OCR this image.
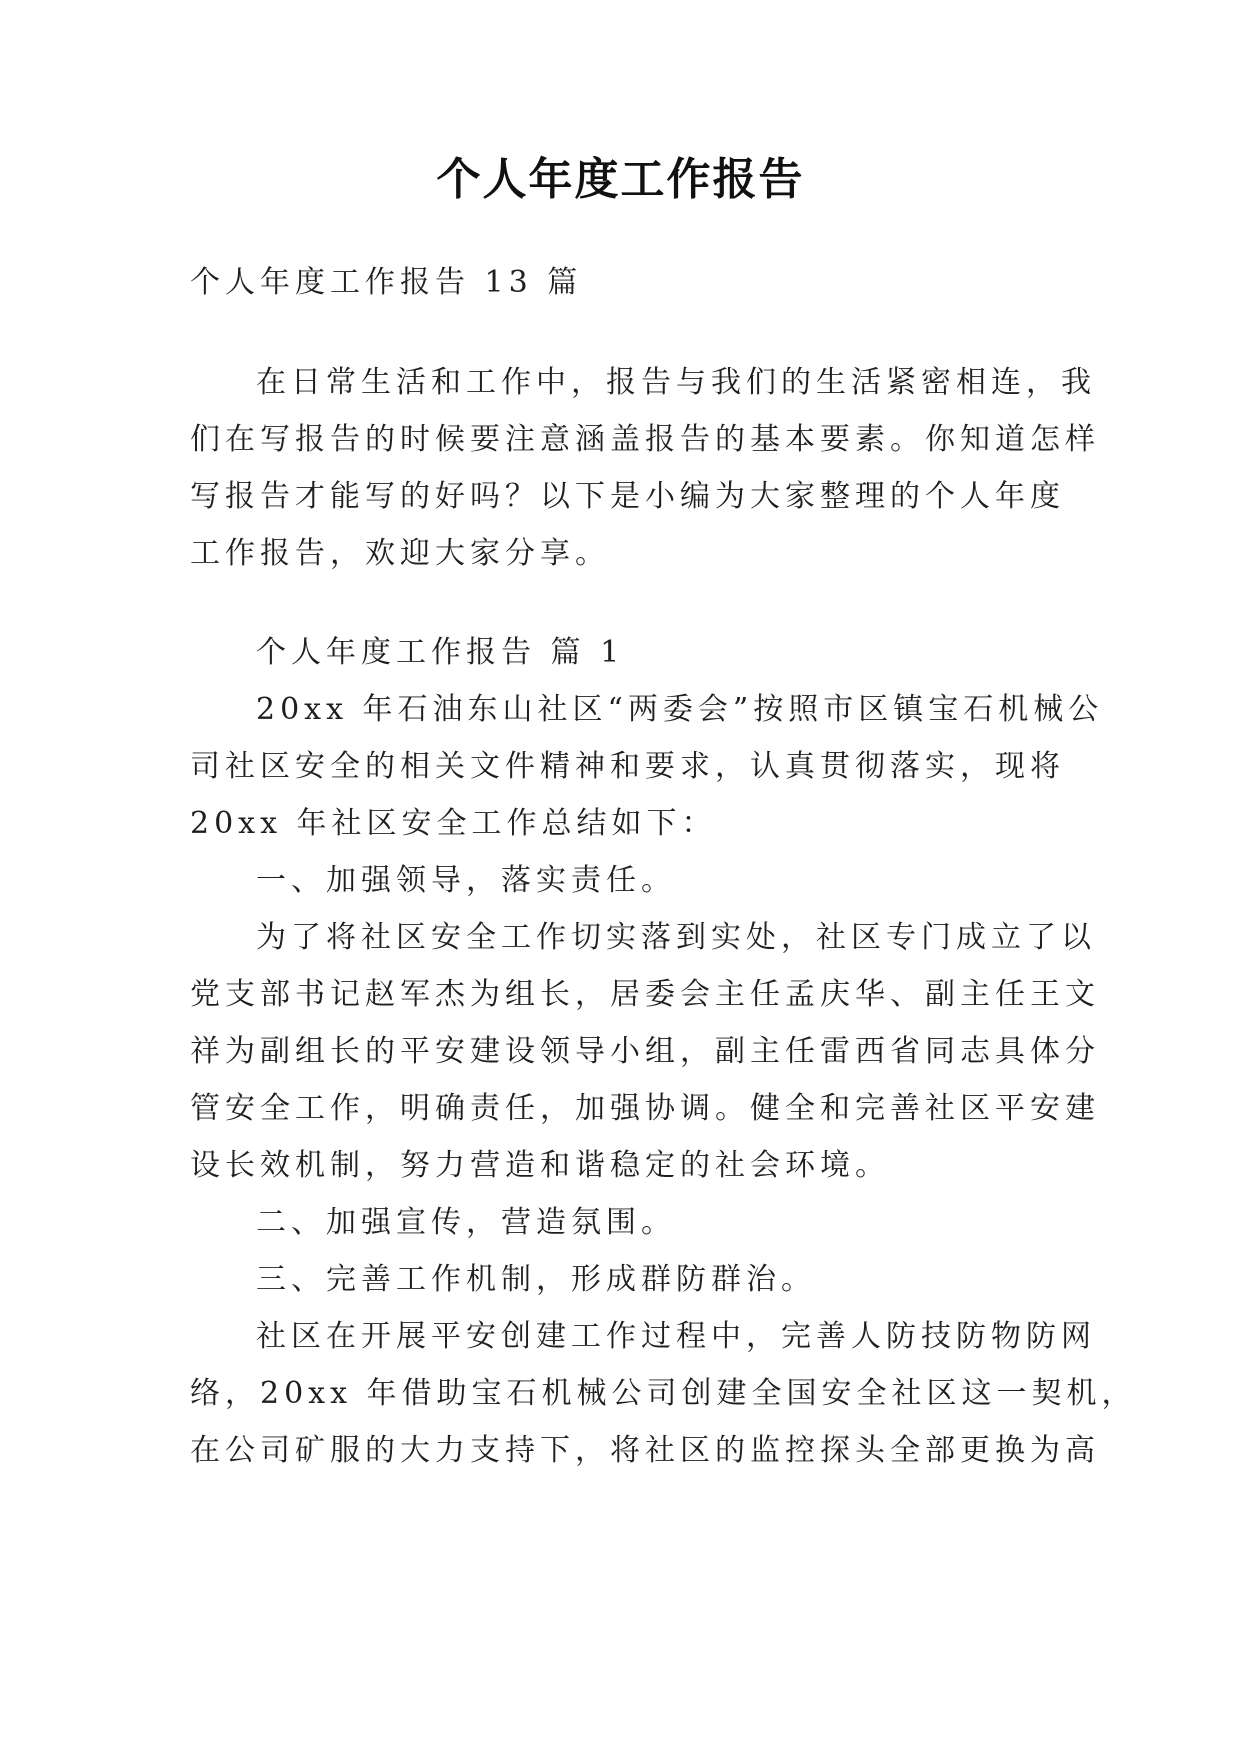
个人年度工作报告
个人年度工作报告 13 篇
在日常生活和工作中，报告与我们的生活紧密相连，我
们在写报告的时候要注意涵盖报告的基本要素。你知道怎样
写报告才能写的好吗？以下是小编为大家整理的个人年度
工作报告，欢迎大家分享。
个人年度工作报告 篇 1
20xx 年石油东山社区“两委会”按照市区镇宝石机械公
司社区安全的相关文件精神和要求，认真贯彻落实，现将
20xx 年社区安全工作总结如下：
一、加强领导，落实责任。
为了将社区安全工作切实落到实处，社区专门成立了以
党支部书记赵军杰为组长，居委会主任孟庆华、副主任王文
祥为副组长的平安建设领导小组，副主任雷西省同志具体分
管安全工作，明确责任，加强协调。健全和完善社区平安建
设长效机制，努力营造和谐稳定的社会环境。
二、加强宣传，营造氛围。
三、完善工作机制，形成群防群治。
社区在开展平安创建工作过程中，完善人防技防物防网
络，20xx 年借助宝石机械公司创建全国安全社区这一契机，
在公司矿服的大力支持下，将社区的监控探头全部更换为高
